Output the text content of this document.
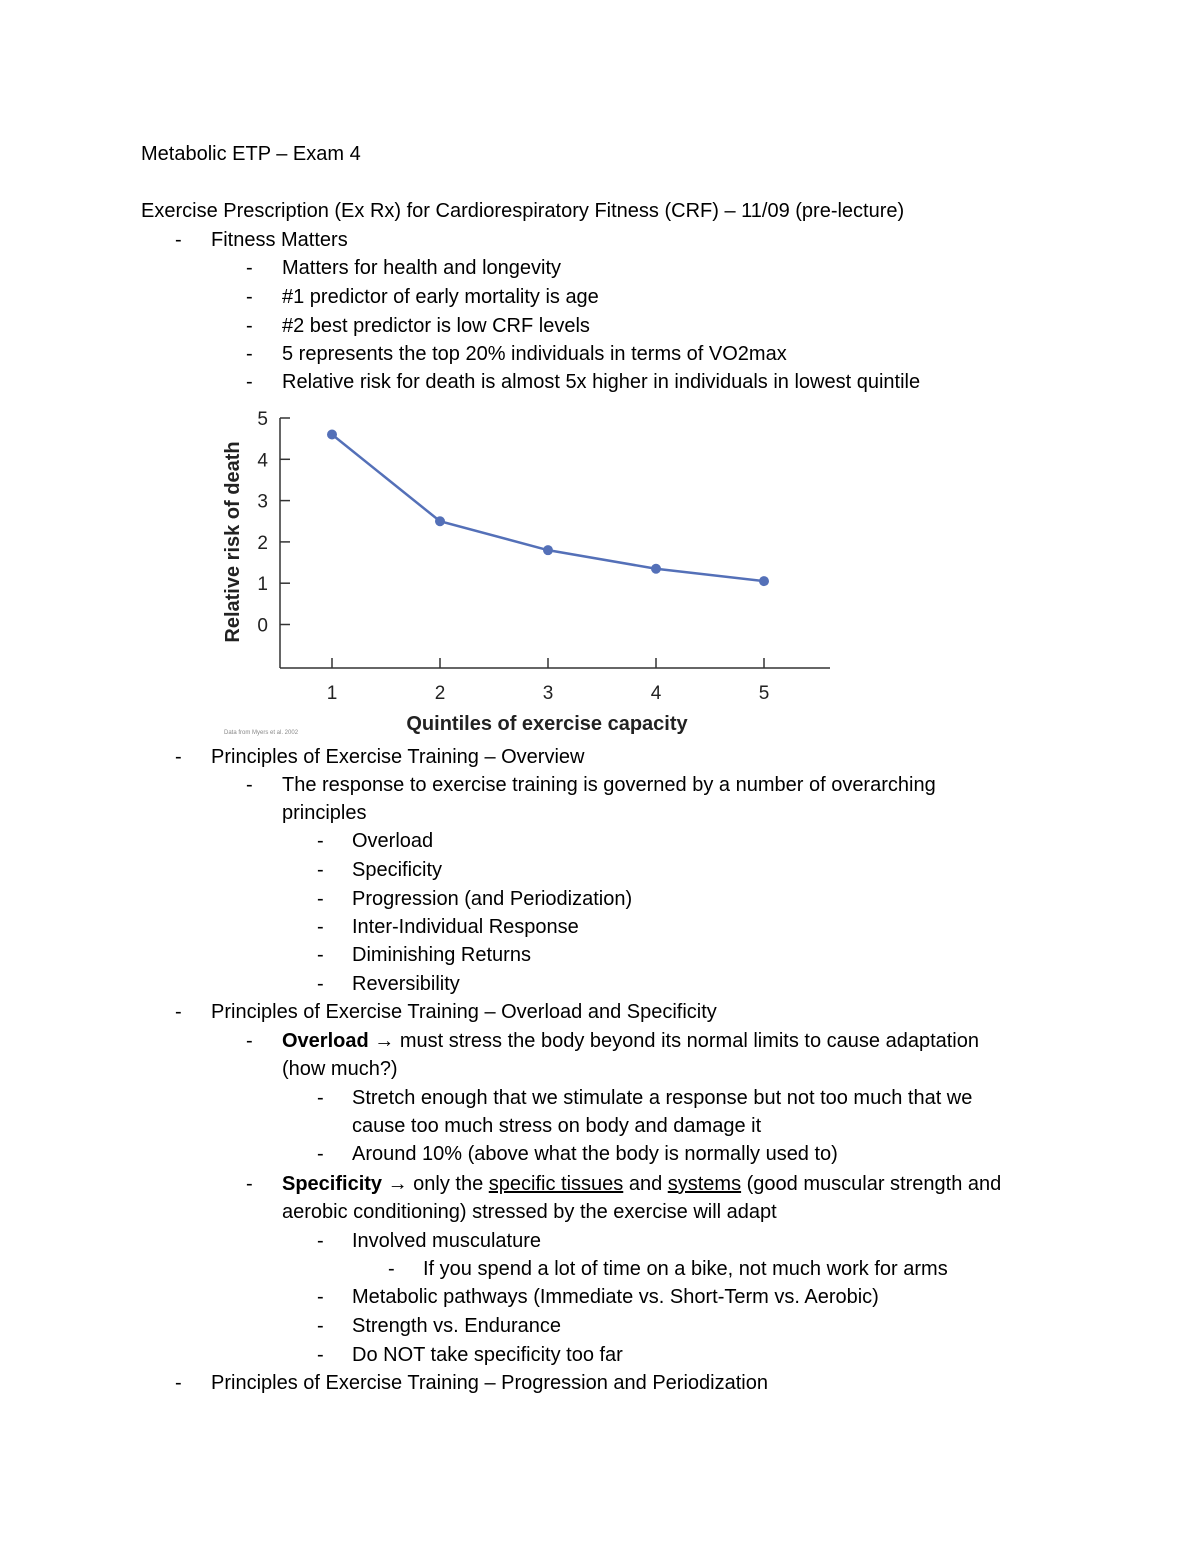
Metabolic ETP – Exam 4
Exercise Prescription (Ex Rx) for Cardiorespiratory Fitness (CRF) – 11/09 (pre-lecture)
- Fitness Matters
- Matters for health and longevity
- #1 predictor of early mortality is age
- #2 best predictor is low CRF levels
- 5 represents the top 20% individuals in terms of VO2max
- Relative risk for death is almost 5x higher in individuals in lowest quintile
0
1
2
3
4
5
1	2	3	4	5
Relative risk of death
Quintiles of exercise capacity
Data from Myers et al. 2002
- Principles of Exercise Training – Overview
- The response to exercise training is governed by a number of overarching
principles
- Overload
- Specificity
- Progression (and Periodization)
- Inter-Individual Response
- Diminishing Returns
- Reversibility
- Principles of Exercise Training – Overload and Specificity
- Overload → must stress the body beyond its normal limits to cause adaptation
(how much?)
- Stretch enough that we stimulate a response but not too much that we
cause too much stress on body and damage it
- Around 10% (above what the body is normally used to)
- Specificity → only the specific tissues and systems (good muscular strength and
aerobic conditioning) stressed by the exercise will adapt
- Involved musculature
- If you spend a lot of time on a bike, not much work for arms
- Metabolic pathways (Immediate vs. Short-Term vs. Aerobic)
- Strength vs. Endurance
- Do NOT take specificity too far
- Principles of Exercise Training – Progression and Periodization
